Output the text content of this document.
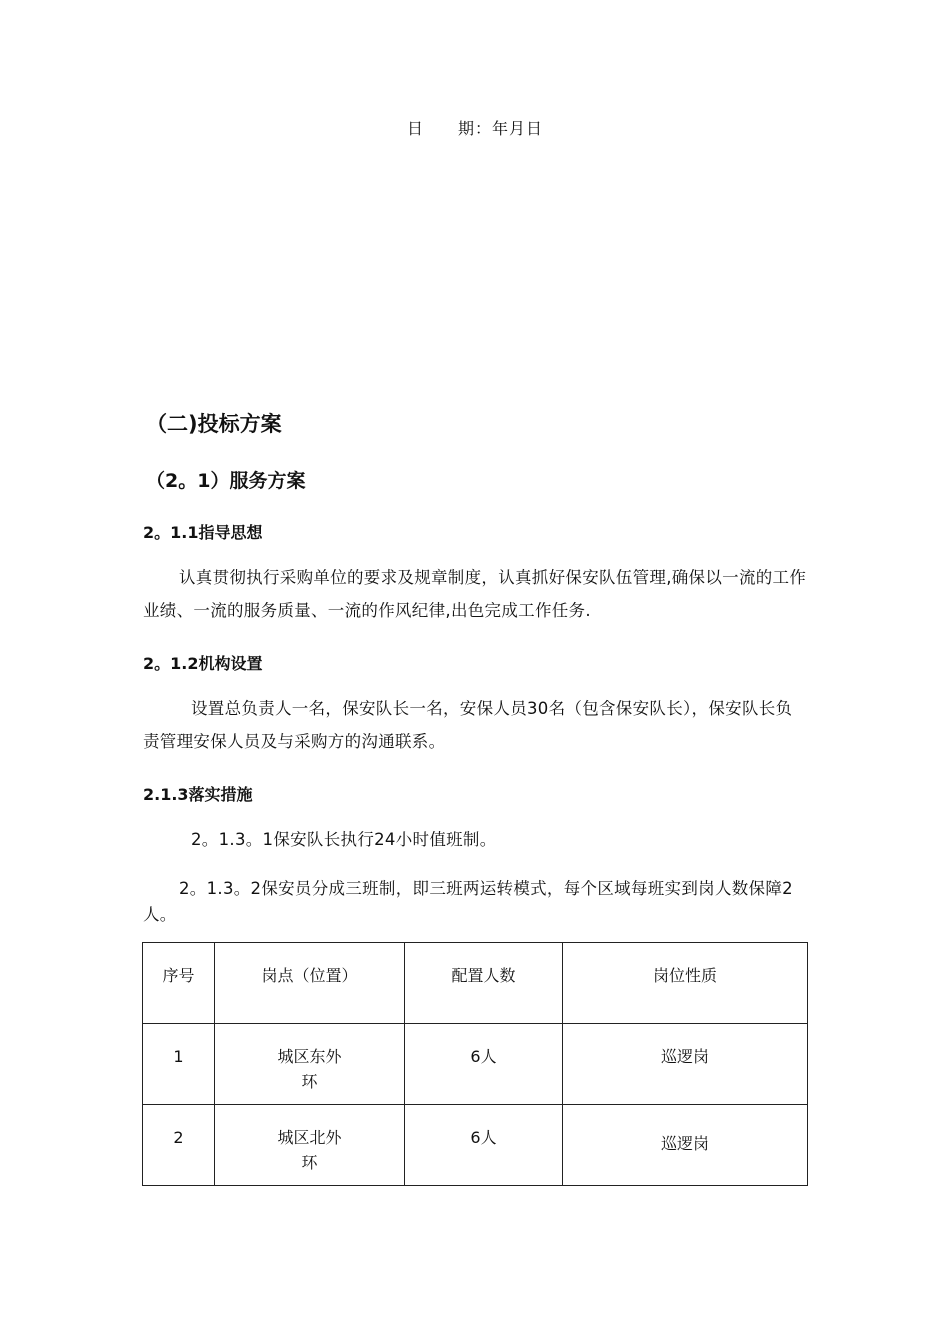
日 期：年月日
（二)投标方案
（2。1）服务方案
2。1.1指导思想
认真贯彻执行采购单位的要求及规章制度，认真抓好保安队伍管理,确保以一流的工作业绩、一流的服务质量、一流的作风纪律,出色完成工作任务.
2。1.2机构设置
设置总负责人一名，保安队长一名，安保人员30名（包含保安队长），保安队长负责管理安保人员及与采购方的沟通联系。
2.1.3落实措施
2。1.3。1保安队长执行24小时值班制。
2。1.3。2保安员分成三班制，即三班两运转模式，每个区域每班实到岗人数保障2人。
序号	岗点（位置）	配置人数	岗位性质
1	城区东外环	6人	巡逻岗
2	城区北外环	6人	巡逻岗
